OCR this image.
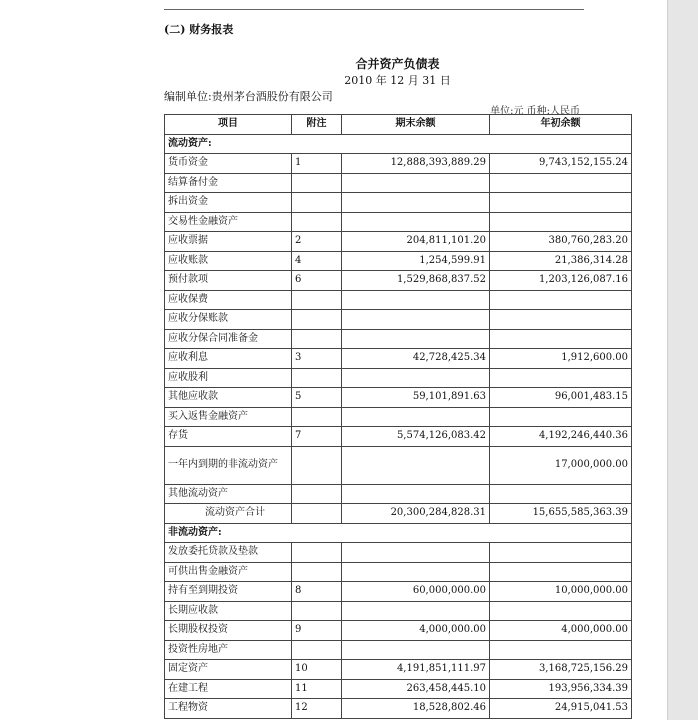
(二) 财务报表
合并资产负债表
2010 年 12 月 31 日
编制单位:贵州茅台酒股份有限公司
单位:元 币种:人民币
项目	附注	期末余额	年初余额
流动资产:			
货币资金	1	12,888,393,889.29	9,743,152,155.24
结算备付金			
拆出资金			
交易性金融资产			
应收票据	2	204,811,101.20	380,760,283.20
应收账款	4	1,254,599.91	21,386,314.28
预付款项	6	1,529,868,837.52	1,203,126,087.16
应收保费			
应收分保账款			
应收分保合同准备金			
应收利息	3	42,728,425.34	1,912,600.00
应收股利			
其他应收款	5	59,101,891.63	96,001,483.15
买入返售金融资产			
存货	7	5,574,126,083.42	4,192,246,440.36
一年内到期的非流动资产			17,000,000.00
其他流动资产			
流动资产合计		20,300,284,828.31	15,655,585,363.39
非流动资产:			
发放委托贷款及垫款			
可供出售金融资产			
持有至到期投资	8	60,000,000.00	10,000,000.00
长期应收款			
长期股权投资	9	4,000,000.00	4,000,000.00
投资性房地产			
固定资产	10	4,191,851,111.97	3,168,725,156.29
在建工程	11	263,458,445.10	193,956,334.39
工程物资	12	18,528,802.46	24,915,041.53
